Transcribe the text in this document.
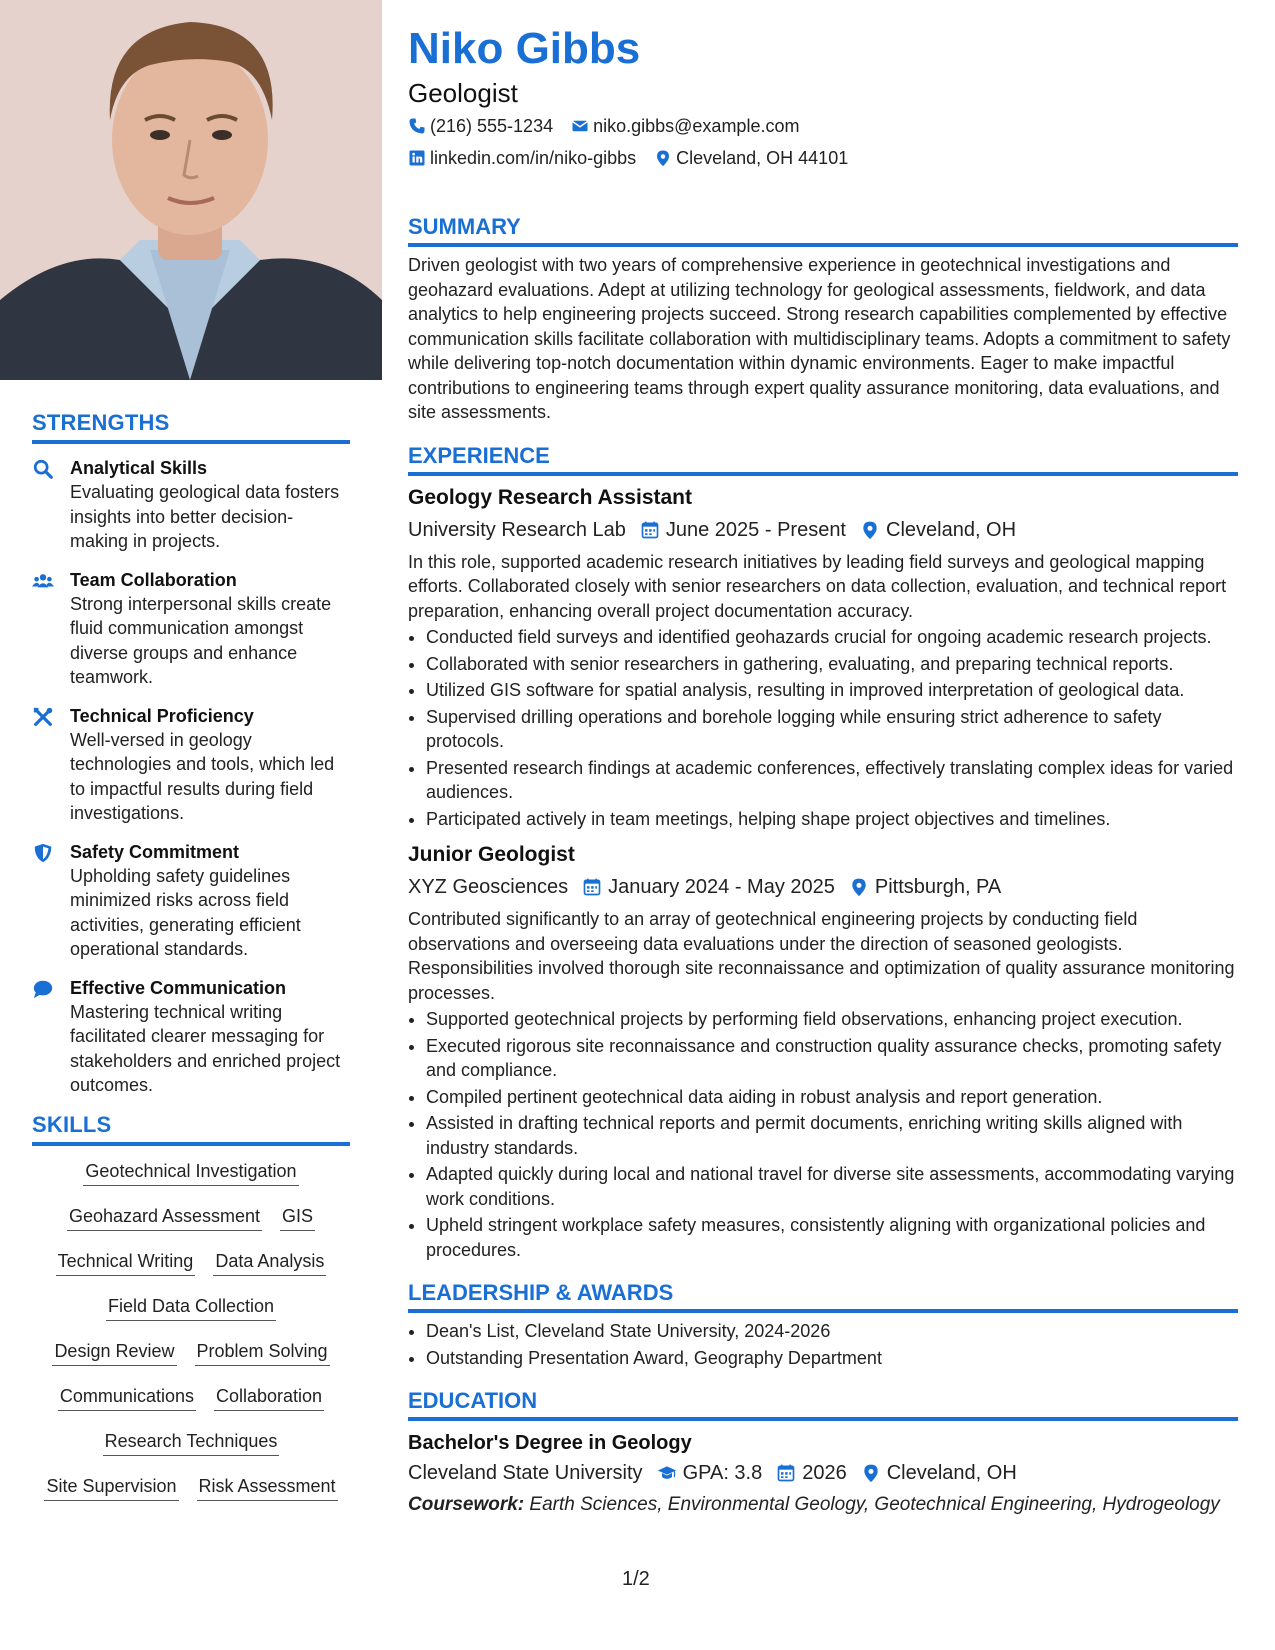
STRENGTHS
Analytical Skills
Evaluating geological data fosters insights into better decision-making in projects.
Team Collaboration
Strong interpersonal skills create fluid communication amongst diverse groups and enhance teamwork.
Technical Proficiency
Well-versed in geology technologies and tools, which led to impactful results during field investigations.
Safety Commitment
Upholding safety guidelines minimized risks across field activities, generating efficient operational standards.
Effective Communication
Mastering technical writing facilitated clearer messaging for stakeholders and enriched project outcomes.
SKILLS
Geotechnical Investigation
Geohazard Assessment GIS
Technical Writing Data Analysis
Field Data Collection
Design Review Problem Solving
Communications Collaboration
Research Techniques
Site Supervision Risk Assessment
Niko Gibbs
Geologist
(216) 555-1234 niko.gibbs@example.com
linkedin.com/in/niko-gibbs Cleveland, OH 44101
SUMMARY

Driven geologist with two years of comprehensive experience in geotechnical investigations and geohazard evaluations. Adept at utilizing technology for geological assessments, fieldwork, and data analytics to help engineering projects succeed. Strong research capabilities complemented by effective communication skills facilitate collaboration with multidisciplinary teams. Adopts a commitment to safety while delivering top-notch documentation within dynamic environments. Eager to make impactful contributions to engineering teams through expert quality assurance monitoring, data evaluations, and site assessments.

EXPERIENCE
Geology Research Assistant
University Research Lab June 2025 - Present Cleveland, OH

In this role, supported academic research initiatives by leading field surveys and geological mapping efforts. Collaborated closely with senior researchers on data collection, evaluation, and technical report preparation, enhancing overall project documentation accuracy.

• Conducted field surveys and identified geohazards crucial for ongoing academic research projects.
• Collaborated with senior researchers in gathering, evaluating, and preparing technical reports.
• Utilized GIS software for spatial analysis, resulting in improved interpretation of geological data.
• Supervised drilling operations and borehole logging while ensuring strict adherence to safety protocols.
• Presented research findings at academic conferences, effectively translating complex ideas for varied audiences.
• Participated actively in team meetings, helping shape project objectives and timelines.
Junior Geologist
XYZ Geosciences January 2024 - May 2025 Pittsburgh, PA

Contributed significantly to an array of geotechnical engineering projects by conducting field observations and overseeing data evaluations under the direction of seasoned geologists. Responsibilities involved thorough site reconnaissance and optimization of quality assurance monitoring processes.

• Supported geotechnical projects by performing field observations, enhancing project execution.
• Executed rigorous site reconnaissance and construction quality assurance checks, promoting safety and compliance.
• Compiled pertinent geotechnical data aiding in robust analysis and report generation.
• Assisted in drafting technical reports and permit documents, enriching writing skills aligned with industry standards.
• Adapted quickly during local and national travel for diverse site assessments, accommodating varying work conditions.
• Upheld stringent workplace safety measures, consistently aligning with organizational policies and procedures.
LEADERSHIP & AWARDS
• Dean's List, Cleveland State University, 2024-2026
• Outstanding Presentation Award, Geography Department
EDUCATION
Bachelor's Degree in Geology
Cleveland State University GPA: 3.8 2026 Cleveland, OH
Coursework: Earth Sciences, Environmental Geology, Geotechnical Engineering, Hydrogeology
1/2
